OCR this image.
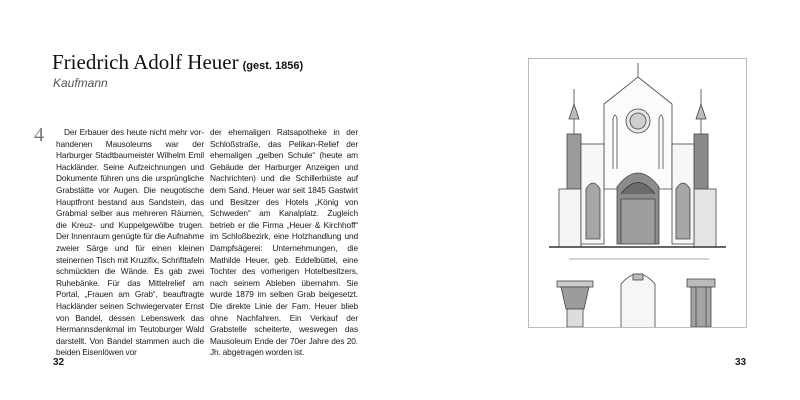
Friedrich Adolf Heuer (gest. 1856)
Kaufmann
4	Der Erbauer des heute nicht mehr vorhandenen Mausoleums war der Harburger Stadtbaumeister Wilhelm Emil Hackländer. Seine Aufzeichnungen und Dokumente führen uns die ursprüngliche Grabstätte vor Augen. Die neugotische Hauptfront bestand aus Sandstein, das Grabmal selber aus mehreren Räumen, die Kreuz- und Kuppelgewölbe trugen. Der Innenraum genügte für die Aufnahme zweier Särge und für einen kleinen steinernen Tisch mit Kruzifix, Schrifttafeln schmückten die Wände. Es gab zwei Ruhebänke. Für das Mittelrelief am Portal, „Frauen am Grab“, beauftragte Hackländer seinen Schwiegervater Ernst von Bandel, dessen Lebenswerk das Hermannsdenkmal im Teutoburger Wald darstellt. Von Bandel stammen auch die beiden Eisenlöwen vor
der ehemaligen Ratsapotheke in der Schloßstraße, das Pelikan-Relief der ehemaligen „gelben Schule“ (heute am Gebäude der Harburger Anzeigen und Nachrichten) und die Schillerbüste auf dem Sand. Heuer war seit 1845 Gastwirt und Besitzer des Hotels „König von Schweden“ am Kanalplatz. Zugleich betrieb er die Firma „Heuer & Kirchhoff“ im Schloßbezirk, eine Holzhandlung und Dampfsägerei: Unternehmungen, die Mathilde Heuer, geb. Eddelbüttel, eine Tochter des vorherigen Hotelbesitzers, nach seinem Ableben übernahm. Sie wurde 1879 im selben Grab beigesetzt. Die direkte Linie der Fam. Heuer blieb ohne Nachfahren. Ein Verkauf der Grabstelle scheiterte, weswegen das Mausoleum Ende der 70er Jahre des 20. Jh. abgetragen worden ist.
32	33
